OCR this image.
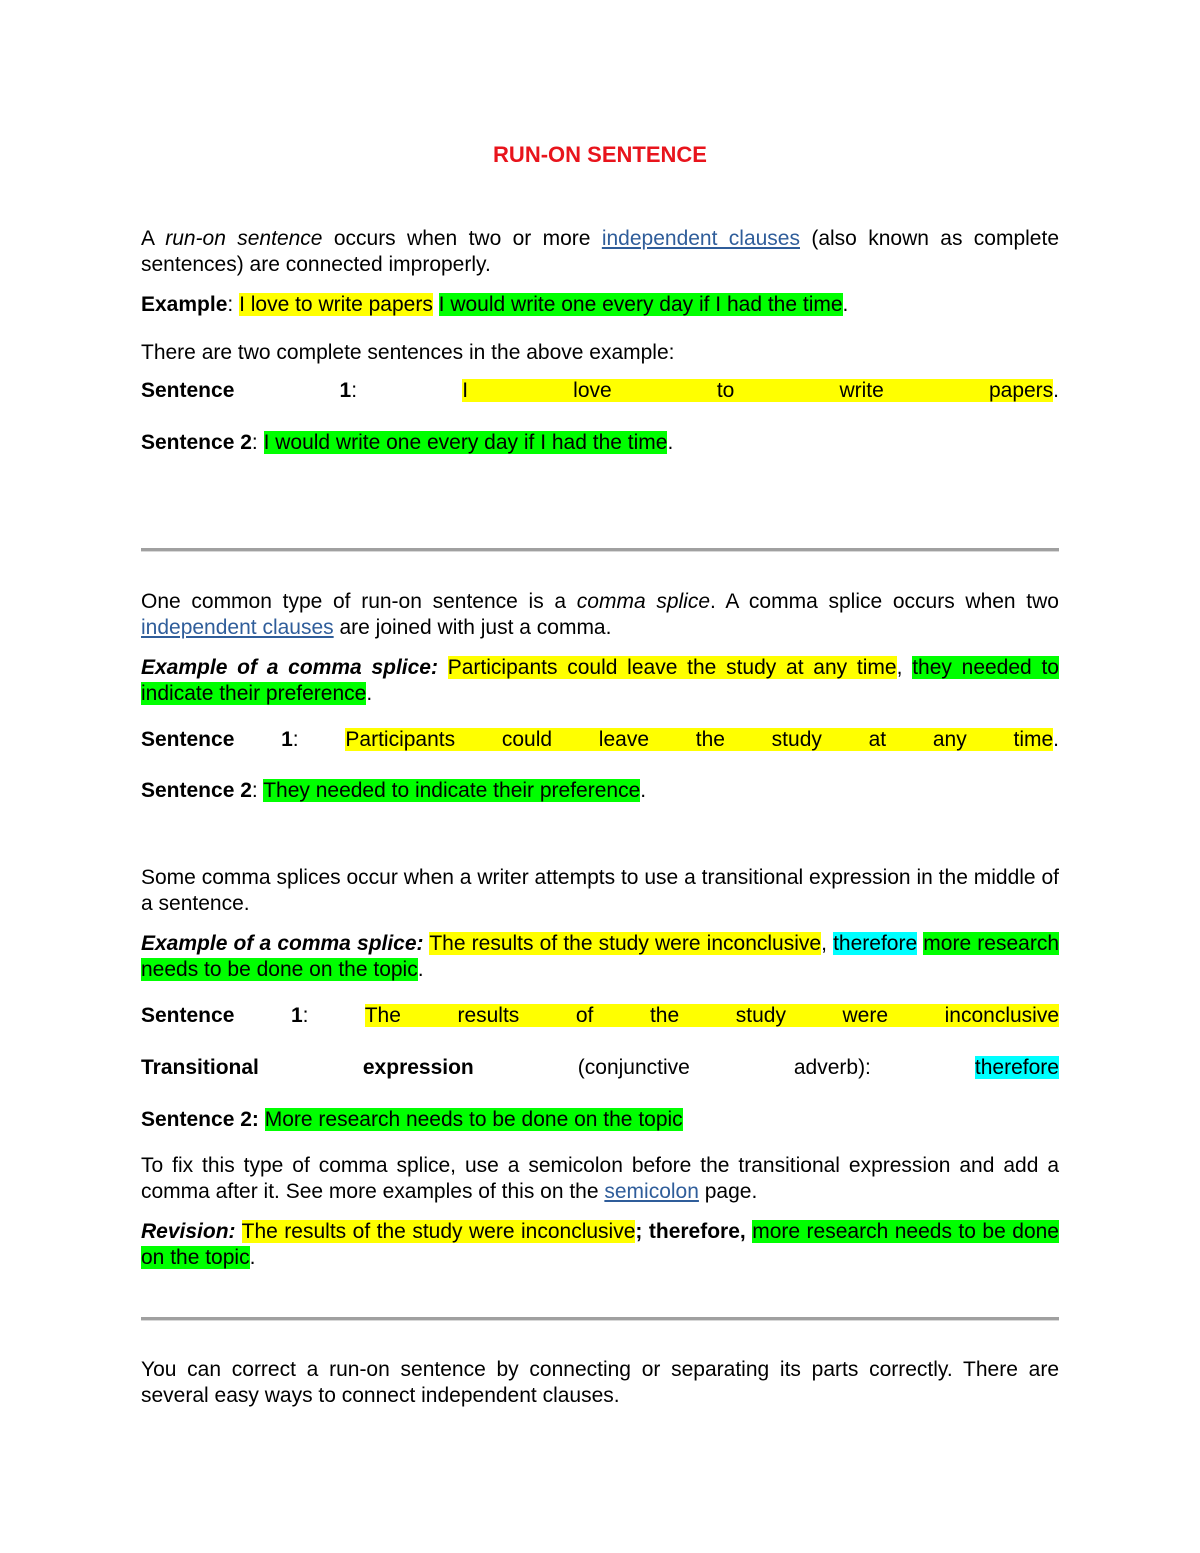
RUN-ON SENTENCE

A run-on sentence occurs when two or more independent clauses (also known as complete sentences) are connected improperly.

Example: I love to write papers I would write one every day if I had the time.

There are two complete sentences in the above example:

Sentence 1: I love to write papers.

Sentence 2: I would write one every day if I had the time.

One common type of run-on sentence is a comma splice. A comma splice occurs when two independent clauses are joined with just a comma.

Example of a comma splice: Participants could leave the study at any time, they needed to indicate their preference.

Sentence 1: Participants could leave the study at any time.

Sentence 2: They needed to indicate their preference.

Some comma splices occur when a writer attempts to use a transitional expression in the middle of a sentence.

Example of a comma splice: The results of the study were inconclusive, therefore more research needs to be done on the topic.

Sentence 1: The results of the study were inconclusive

Transitional expression (conjunctive adverb): therefore

Sentence 2: More research needs to be done on the topic

To fix this type of comma splice, use a semicolon before the transitional expression and add a comma after it. See more examples of this on the semicolon page.

Revision: The results of the study were inconclusive; therefore, more research needs to be done on the topic.

You can correct a run-on sentence by connecting or separating its parts correctly. There are several easy ways to connect independent clauses.
